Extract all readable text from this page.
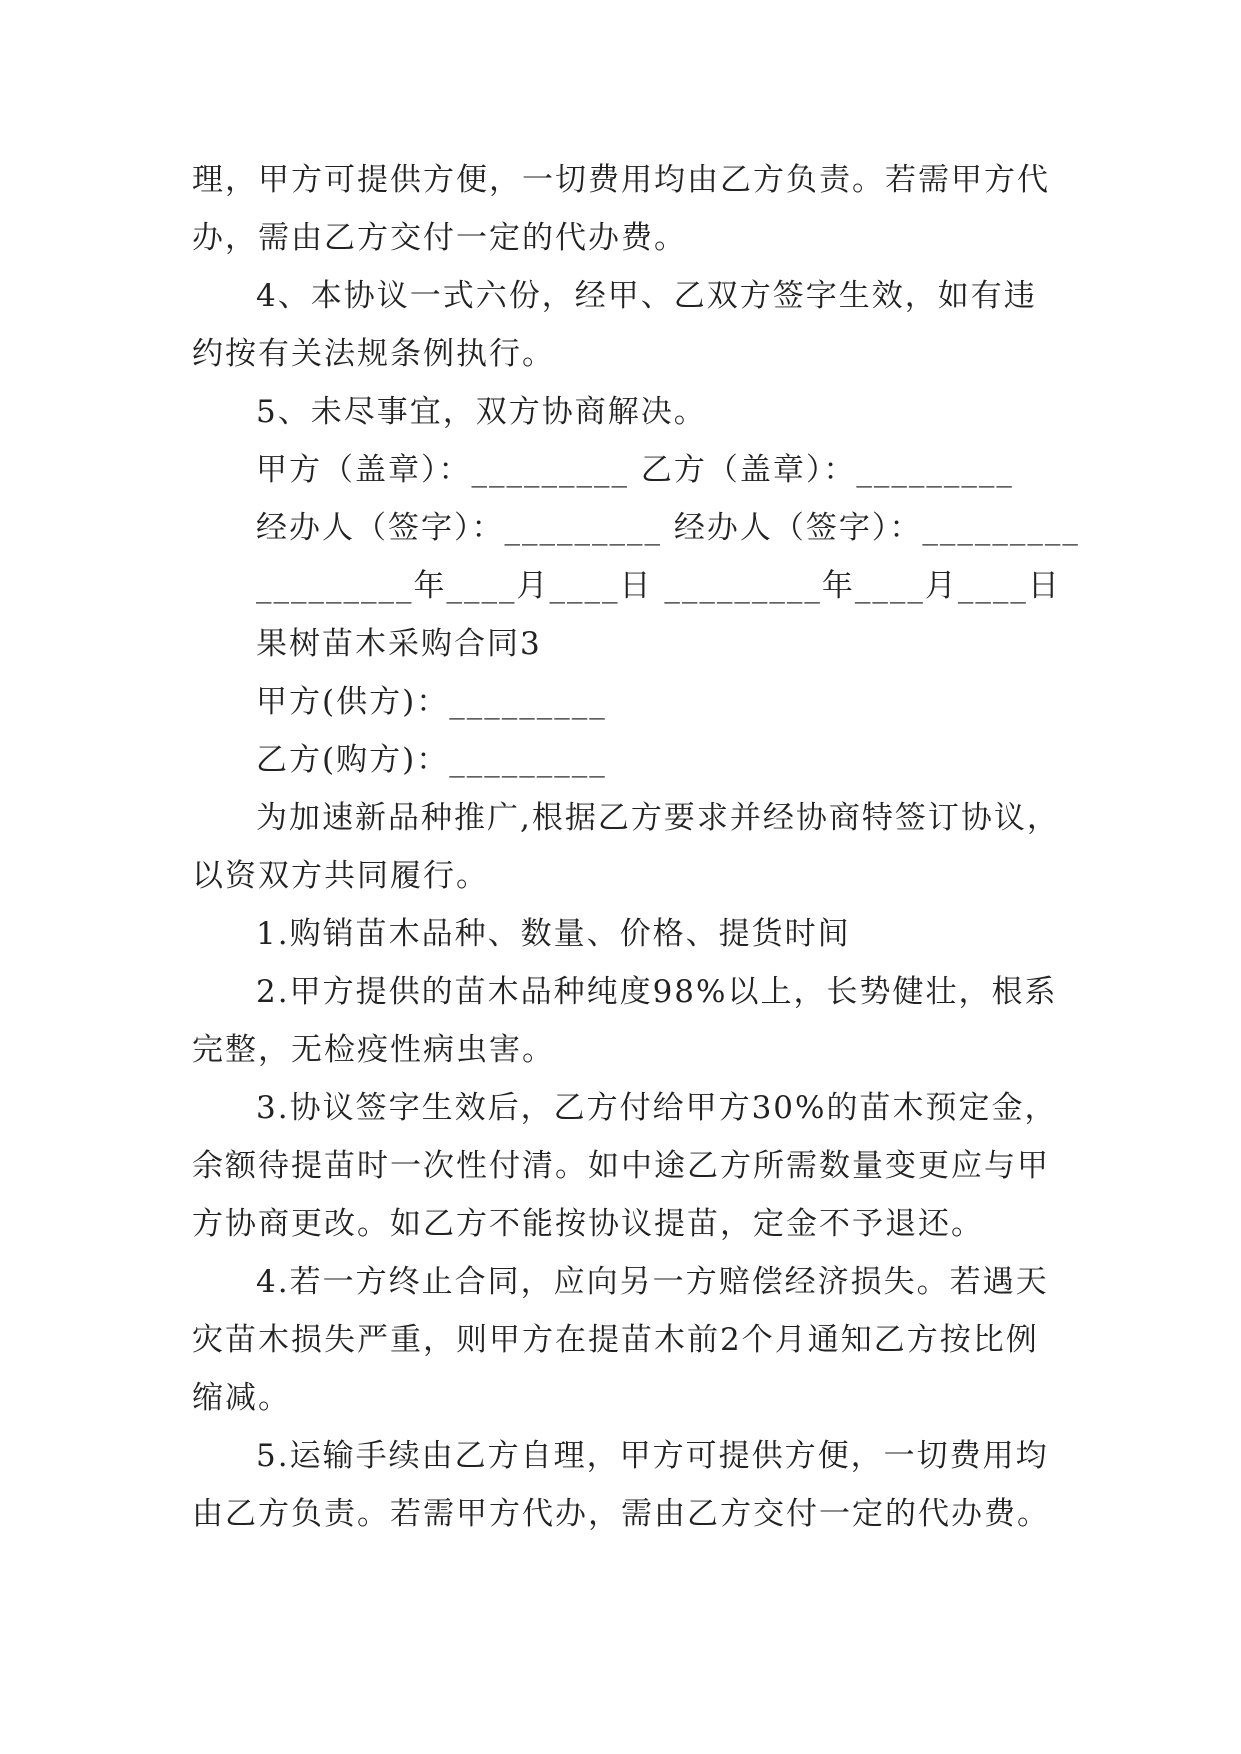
理，甲方可提供方便，一切费用均由乙方负责。若需甲方代

办，需由乙方交付一定的代办费。

4、本协议一式六份，经甲、乙双方签字生效，如有违

约按有关法规条例执行。

5、未尽事宜，双方协商解决。

甲方（盖章）：_________ 乙方（盖章）：_________

经办人（签字）：_________ 经办人（签字）：_________

_________年____月____日 _________年____月____日

果树苗木采购合同3

甲方(供方)：_________

乙方(购方)：_________

为加速新品种推广,根据乙方要求并经协商特签订协议，

以资双方共同履行。

1.购销苗木品种、数量、价格、提货时间

2.甲方提供的苗木品种纯度98%以上，长势健壮，根系

完整，无检疫性病虫害。

3.协议签字生效后，乙方付给甲方30%的苗木预定金，

余额待提苗时一次性付清。如中途乙方所需数量变更应与甲

方协商更改。如乙方不能按协议提苗，定金不予退还。

4.若一方终止合同，应向另一方赔偿经济损失。若遇天

灾苗木损失严重，则甲方在提苗木前2个月通知乙方按比例

缩减。

5.运输手续由乙方自理，甲方可提供方便，一切费用均

由乙方负责。若需甲方代办，需由乙方交付一定的代办费。
